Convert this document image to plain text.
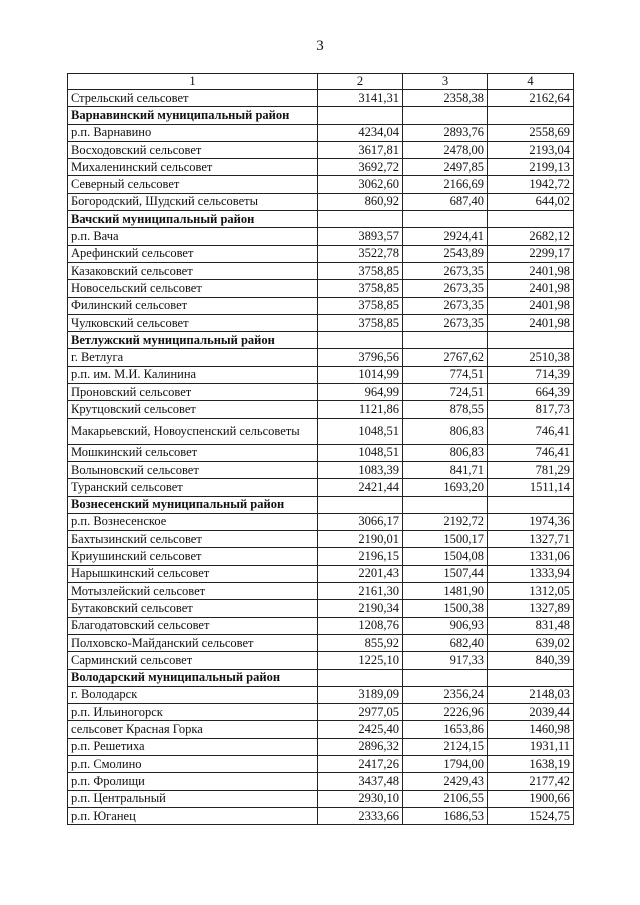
3
1	2	3	4
Стрельский сельсовет	3141,31	2358,38	2162,64
Варнавинский муниципальный район			
р.п. Варнавино	4234,04	2893,76	2558,69
Восходовский сельсовет	3617,81	2478,00	2193,04
Михаленинский сельсовет	3692,72	2497,85	2199,13
Северный сельсовет	3062,60	2166,69	1942,72
Богородский, Шудский сельсоветы	860,92	687,40	644,02
Вачский муниципальный район			
р.п. Вача	3893,57	2924,41	2682,12
Арефинский сельсовет	3522,78	2543,89	2299,17
Казаковский сельсовет	3758,85	2673,35	2401,98
Новосельский сельсовет	3758,85	2673,35	2401,98
Филинский сельсовет	3758,85	2673,35	2401,98
Чулковский сельсовет	3758,85	2673,35	2401,98
Ветлужский муниципальный район			
г. Ветлуга	3796,56	2767,62	2510,38
р.п. им. М.И. Калинина	1014,99	774,51	714,39
Проновский сельсовет	964,99	724,51	664,39
Крутцовский сельсовет	1121,86	878,55	817,73
Макарьевский, Новоуспенский сельсоветы	1048,51	806,83	746,41
Мошкинский сельсовет	1048,51	806,83	746,41
Волыновский сельсовет	1083,39	841,71	781,29
Туранский сельсовет	2421,44	1693,20	1511,14
Вознесенский муниципальный район			
р.п. Вознесенское	3066,17	2192,72	1974,36
Бахтызинский сельсовет	2190,01	1500,17	1327,71
Криушинский сельсовет	2196,15	1504,08	1331,06
Нарышкинский сельсовет	2201,43	1507,44	1333,94
Мотызлейский сельсовет	2161,30	1481,90	1312,05
Бутаковский сельсовет	2190,34	1500,38	1327,89
Благодатовский сельсовет	1208,76	906,93	831,48
Полховско-Майданский сельсовет	855,92	682,40	639,02
Сарминский сельсовет	1225,10	917,33	840,39
Володарский муниципальный район			
г. Володарск	3189,09	2356,24	2148,03
р.п. Ильиногорск	2977,05	2226,96	2039,44
сельсовет Красная Горка	2425,40	1653,86	1460,98
р.п. Решетиха	2896,32	2124,15	1931,11
р.п. Смолино	2417,26	1794,00	1638,19
р.п. Фролищи	3437,48	2429,43	2177,42
р.п. Центральный	2930,10	2106,55	1900,66
р.п. Юганец	2333,66	1686,53	1524,75
